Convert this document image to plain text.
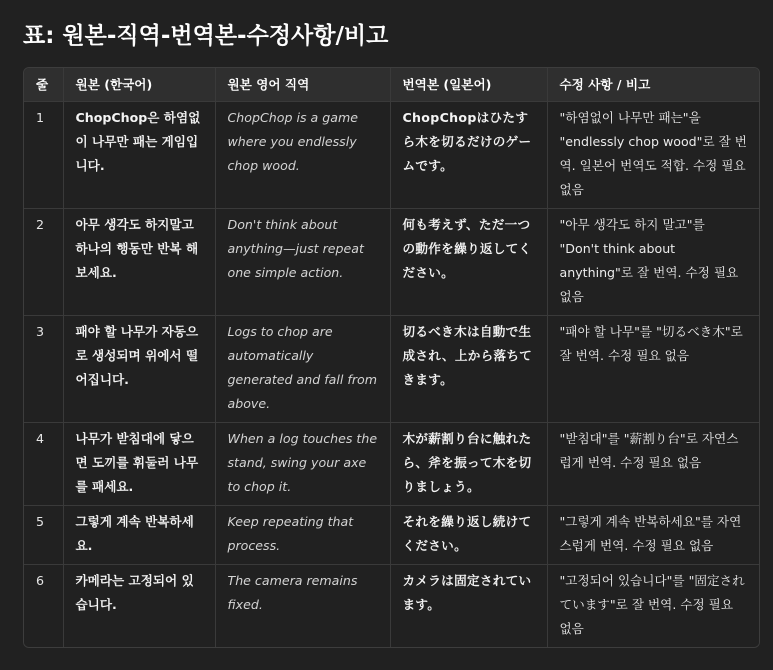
표: 원본-직역-번역본-수정사항/비고
줄	원본 (한국어)	원본 영어 직역	번역본 (일본어)	수정 사항 / 비고
1	ChopChop은 하염없이 나무만 패는 게임입니다.	ChopChop is a game where you endlessly chop wood.	ChopChopはひたすら木を切るだけのゲームです。	"하염없이 나무만 패는"을 "endlessly chop wood"로 잘 번역. 일본어 번역도 적합. 수정 필요 없음
2	아무 생각도 하지말고 하나의 행동만 반복 해보세요.	Don't think about anything—just repeat one simple action.	何も考えず、ただ一つの動作を繰り返してください。	"아무 생각도 하지 말고"를 "Don't think about anything"로 잘 번역. 수정 필요 없음
3	패야 할 나무가 자동으로 생성되며 위에서 떨어집니다.	Logs to chop are automatically generated and fall from above.	切るべき木は自動で生成され、上から落ちてきます。	"패야 할 나무"를 "切るべき木"로 잘 번역. 수정 필요 없음
4	나무가 받침대에 닿으면 도끼를 휘둘러 나무를 패세요.	When a log touches the stand, swing your axe to chop it.	木が薪割り台に触れたら、斧を振って木を切りましょう。	"받침대"를 "薪割り台"로 자연스럽게 번역. 수정 필요 없음
5	그렇게 계속 반복하세요.	Keep repeating that process.	それを繰り返し続けてください。	"그렇게 계속 반복하세요"를 자연스럽게 번역. 수정 필요 없음
6	카메라는 고정되어 있습니다.	The camera remains fixed.	カメラは固定されています。	"고정되어 있습니다"를 "固定されています"로 잘 번역. 수정 필요 없음
